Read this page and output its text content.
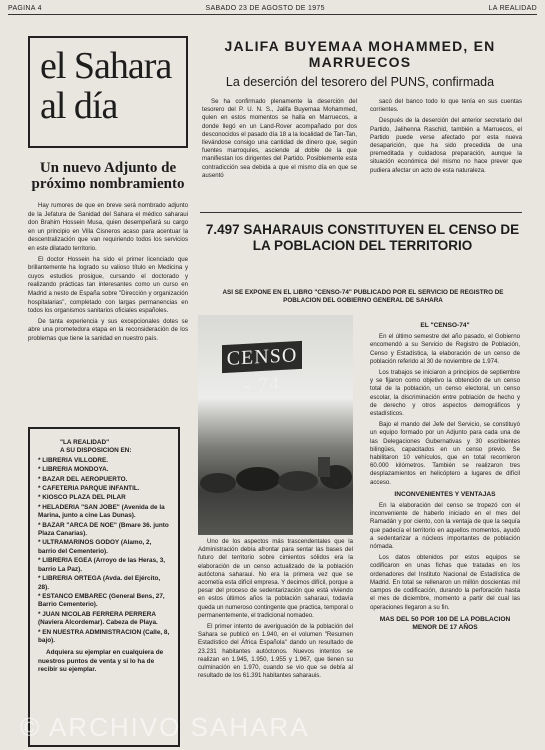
PAGINA 4	SABADO 23 DE AGOSTO DE 1975	LA REALIDAD
el Sahara
al día
Un nuevo Adjunto de próximo nombramiento

Hay rumores de que en breve será nombrado adjunto de la Jefatura de Sanidad del Sahara el médico saharaui don Brahim Hossein Musa, quien desempeñará su cargo en un principio en Villa Cisneros acaso para acentuar la descentralización que van requiriendo todos los servicios en este dilatado territorio.

El doctor Hossein ha sido el primer licenciado que brillantemente ha logrado su valioso título en Medicina y cuyos estudios prosigue, cursando el doctorado y realizando prácticas tan interesantes como un curso en Madrid a nesto de España sobre "Dirección y organización hospitalarias", completado con largas permanencias en todos los organismos sanitarios oficiales españoles.

De tanta experiencia y sus excepcionales dotes se abre una prometedora etapa en la reconsideración de los problemas que tiene la sanidad en nuestro país.

"LA REALIDAD"
A SU DISPOSICION EN:
* LIBRERIA VILLODRE.
* LIBRERIA MONDOYA.
* BAZAR DEL AEROPUERTO.
* CAFETERIA PARQUE INFANTIL.
* KIOSCO PLAZA DEL PILAR
* HELADERIA "SAN JOBE" (Avenida de la Marina, junto a cine Las Dunas).
* BAZAR "ARCA DE NOE" (Bmare 36. junto Plaza Canarias).
* ULTRAMARINOS GODOY (Alamo, 2, barrio del Cementerio).
* LIBRERIA EGEA (Arroyo de las Heras, 3, barrio La Paz).
* LIBRERIA ORTEGA (Avda. del Ejército, 28).
* ESTANCO EMBAREC (General Bens, 27, Barrio Cementerio).
* JUAN NICOLAB FERRERA PERRERA (Naviera Alcordemar). Cabeza de Playa.
* EN NUESTRA ADMINISTRACION (Calle, 8, bajo).
Adquiera su ejemplar en cualquiera de nuestros puntos de venta y sí lo ha de recibir su ejemplar.
JALIFA BUYEMAA MOHAMMED, EN MARRUECOS
La deserción del tesorero del PUNS, confirmada

Se ha confirmado plenamente la deserción del tesorero del P. U. N. S., Jalifa Buyemaa Mohammed, quien en estos momentos se halla en Marruecos, a donde llegó en un Land-Rover acompañado por dos desconocidos el pasado día 18 a la localidad de Tan-Tan, llevándose consigo una cantidad de dinero que, según fuentes marroquíes, asciende al doble de la que manifiestan los dirigentes del Partido. Posiblemente esta contradicción sea debida a que el mismo día en que se ausentó

sacó del banco todo lo que tenía en sus cuentas corrientes.

Después de la deserción del anterior secretario del Partido, Jalihenna Raschid, también a Marruecos, el Partido puede verse afectado por esta nueva desaparición, que ha sido precedida de una premeditada y cuidadosa preparación, aunque la situación económica del mismo no hace prever que pudiera afectar un acto de esta naturaleza.

7.497 SAHARAUIS CONSTITUYEN EL CENSO DE LA POBLACION DEL TERRITORIO
ASI SE EXPONE EN EL LIBRO "CENSO-74" PUBLICADO POR EL SERVICIO DE REGISTRO DE POBLACION DEL GOBIERNO GENERAL DE SAHARA
CENSO - 74

Uno de los aspectos más trascendentales que la Administración debía afrontar para sentar las bases del futuro del territorio sobre cimientos sólidos era la elaboración de un censo actualizado de la población autóctona saharaui. No era la primera vez que se acometía esta difícil empresa. Y decimos difícil, porque a pesar del proceso de sedentarización que está viviendo en estos últimos años la población saharaui, todavía queda un numeroso contingente que practica, temporal o permanentemente, el tradicional nomadeo.

El primer intento de averiguación de la población del Sahara se publicó en 1.940, en el volumen "Resumen Estadístico del África Española" dando un resultado de 23.231 habitantes autóctonos. Nuevos intentos se realizan en 1.945, 1.950, 1.955 y 1.967, que tienen su culminación en 1.970, cuando se vio que se debía al resultado de los 61.391 habitantes saharauis.

EL "CENSO-74"

En el último semestre del año pasado, el Gobierno encomendó a su Servicio de Registro de Población, Censo y Estadística, la elaboración de un censo de población referido al 30 de noviembre de 1.974.

Los trabajos se iniciaron a principios de septiembre y se fijaron como objetivo la obtención de un censo total de la población, un censo electoral, un censo escolar, la discriminación entre población de hecho y de derecho y otros aspectos demográficos y estadísticos.

Bajo el mando del Jefe del Servicio, se constituyó un equipo formado por un Adjunto para cada una de las Delegaciones Gubernativas y 30 escribientes bilingües, capacitados en un censo previo. Se habilitaron 10 vehículos, que en total recorrieron 60.000 kilómetros. También se realizaron tres desplazamientos en helicóptero a lugares de difícil acceso.

INCONVENIENTES Y VENTAJAS

En la elaboración del censo se tropezó con el inconveniente de haberlo iniciado en el mes del Ramadán y por ciento, con la ventaja de que la sequía que padecía el territorio en aquellos momentos, ayudó a sedentarizar a núcleos importantes de población nómada.

Los datos obtenidos por estos equipos se codificaron en unas fichas que tratadas en los ordenadores del Instituto Nacional de Estadística de Madrid. En total se rellenaron un millón doscientas mil campos de codificación, durando la perforación hasta el mes de diciembre, momento a partir del cual las operaciones llegaron a su fin.

MAS DEL 50 POR 100 DE LA POBLACION MENOR DE 17 AÑOS
© ARCHIVO SAHARA
